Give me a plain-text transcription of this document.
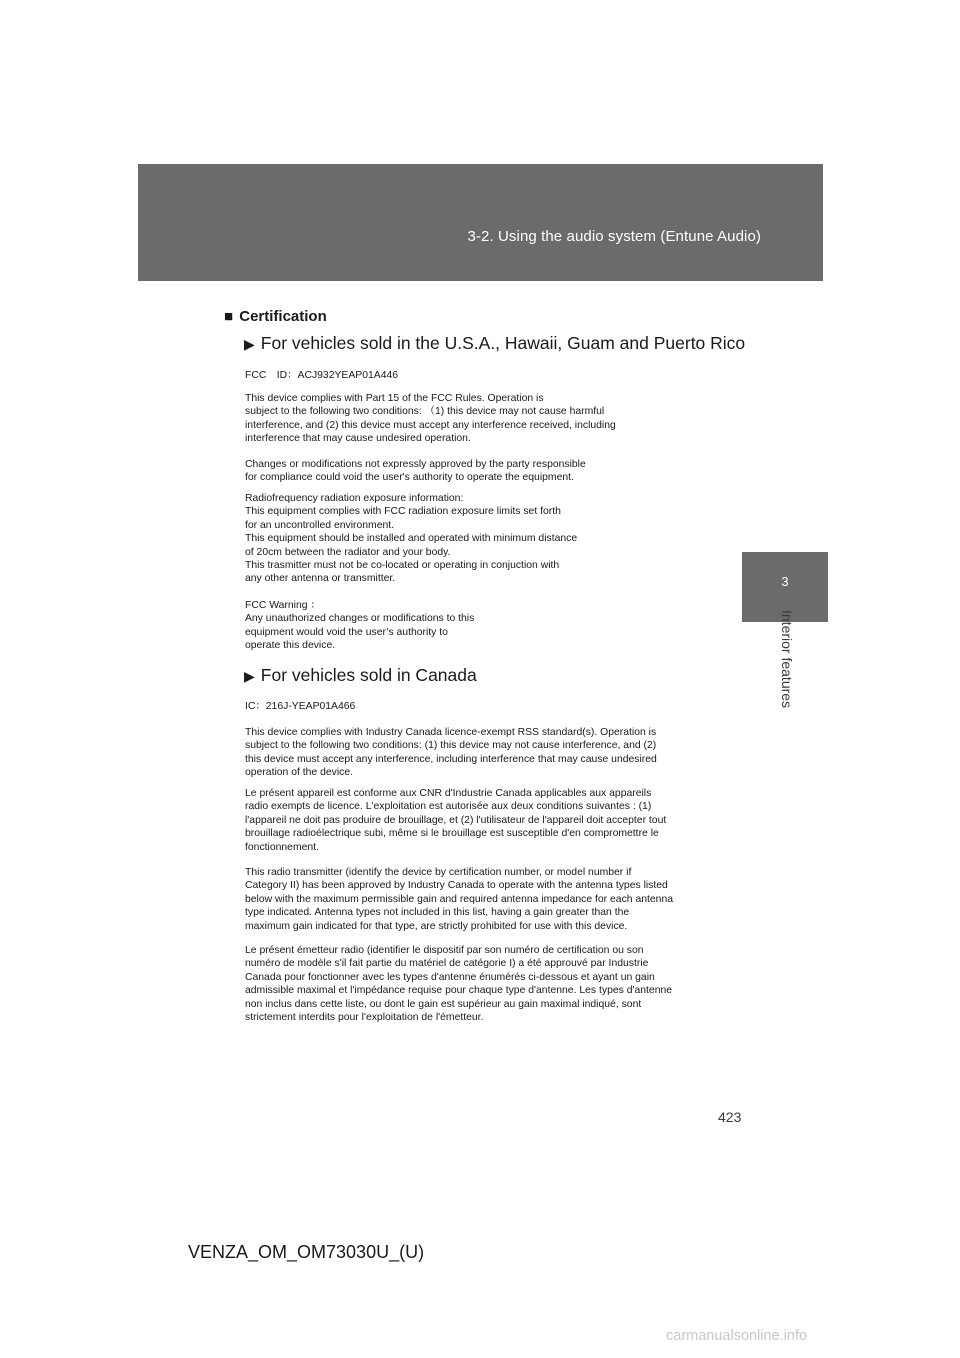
3-2. Using the audio system (Entune Audio)
3
Interior features
■ Certification
▶ For vehicles sold in the U.S.A., Hawaii, Guam and Puerto Rico
FCC　ID：ACJ932YEAP01A446
This device complies with Part 15 of the FCC Rules. Operation is
subject to the following two conditions: （1) this device may not cause harmful
interference, and (2) this device must accept any interference received, including
interference that may cause undesired operation.
Changes or modifications not expressly approved by the party responsible
for compliance could void the user's authority to operate the equipment.
Radiofrequency radiation exposure information:
This equipment complies with FCC radiation exposure limits set forth
for an uncontrolled environment.
This equipment should be installed and operated with minimum distance
of 20cm between the radiator and your body.
This trasmitter must not be co-located or operating in conjuction with
any other antenna or transmitter.
FCC Warning ：
Any unauthorized changes or modifications to this
equipment would void the user’s authority to
operate this device.
▶ For vehicles sold in Canada
IC：216J-YEAP01A466
This device complies with Industry Canada licence-exempt RSS standard(s). Operation is
subject to the following two conditions: (1) this device may not cause interference, and (2)
this device must accept any interference, including interference that may cause undesired
operation of the device.
Le présent appareil est conforme aux CNR d'Industrie Canada applicables aux appareils
radio exempts de licence. L'exploitation est autorisée aux deux conditions suivantes : (1)
l'appareil ne doit pas produire de brouillage, et (2) l'utilisateur de l'appareil doit accepter tout
brouillage radioélectrique subi, même si le brouillage est susceptible d'en compromettre le
fonctionnement.
This radio transmitter (identify the device by certification number, or model number if
Category II) has been approved by Industry Canada to operate with the antenna types listed
below with the maximum permissible gain and required antenna impedance for each antenna
type indicated. Antenna types not included in this list, having a gain greater than the
maximum gain indicated for that type, are strictly prohibited for use with this device.
Le présent émetteur radio (identifier le dispositif par son numéro de certification ou son
numéro de modèle s'il fait partie du matériel de catégorie I) a été approuvé par Industrie
Canada pour fonctionner avec les types d'antenne énumérés ci-dessous et ayant un gain
admissible maximal et l'impédance requise pour chaque type d'antenne. Les types d'antenne
non inclus dans cette liste, ou dont le gain est supérieur au gain maximal indiqué, sont
strictement interdits pour l'exploitation de l'émetteur.
423
VENZA_OM_OM73030U_(U)
carmanualsonline.info
